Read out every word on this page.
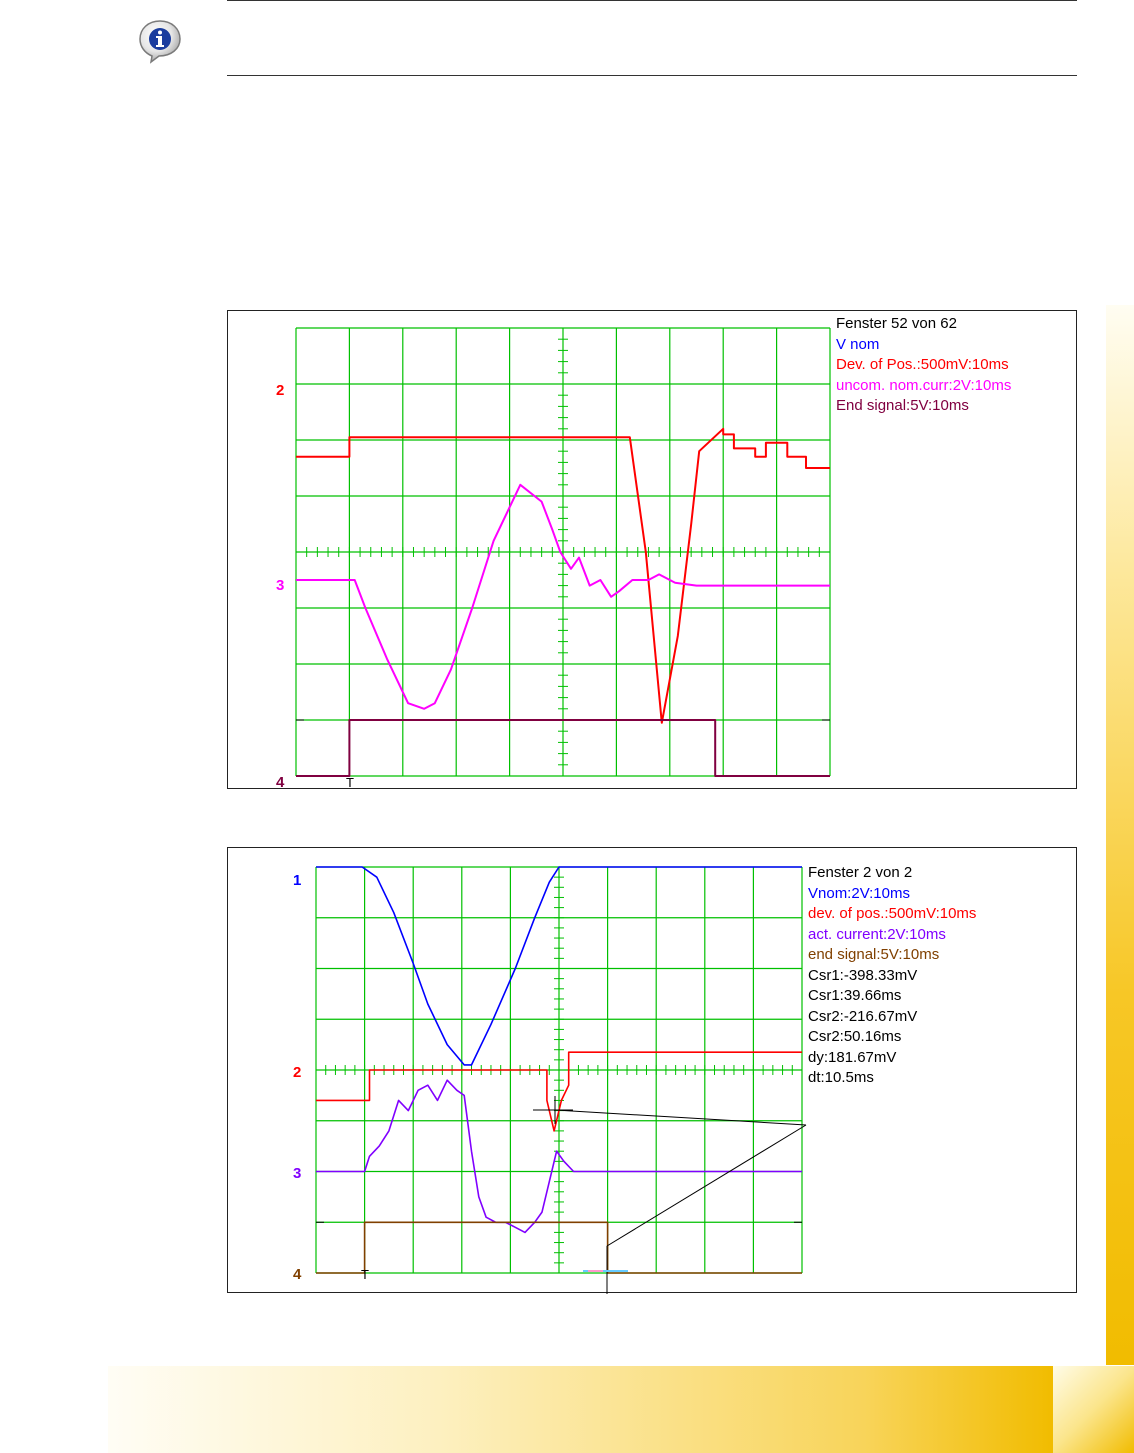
2
3
4	T
Fenster 52 von 62
V nom
Dev. of Pos.:500mV:10ms
uncom. nom.curr:2V:10ms
End signal:5V:10ms
1
2
3
4	T
Fenster 2 von 2
Vnom:2V:10ms
dev. of pos.:500mV:10ms
act. current:2V:10ms
end signal:5V:10ms
Csr1:-398.33mV
Csr1:39.66ms
Csr2:-216.67mV
Csr2:50.16ms
dy:181.67mV
dt:10.5ms
